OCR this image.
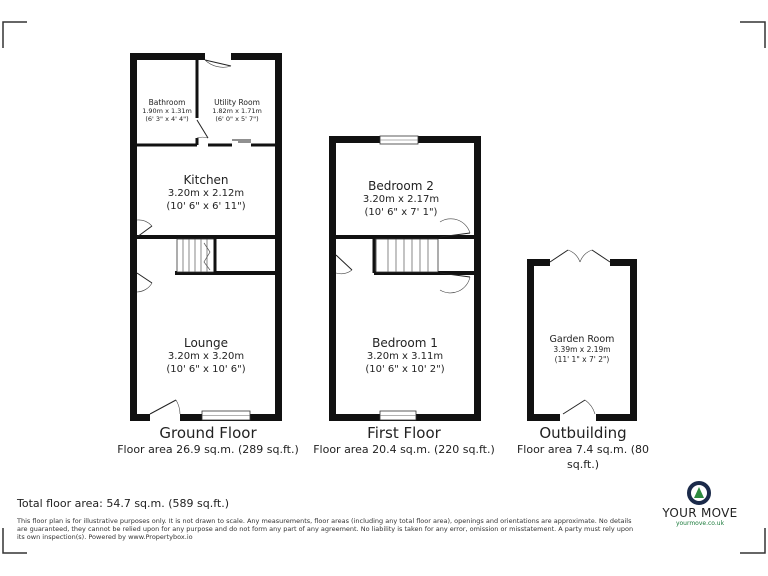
Bathroom
1.90m x 1.31m
(6' 3" x 4' 4")
Utility Room
1.82m x 1.71m
(6' 0" x 5' 7")
Kitchen
3.20m x 2.12m
(10' 6" x 6' 11")
Lounge
3.20m x 3.20m
(10' 6" x 10' 6")
Bedroom 2
3.20m x 2.17m
(10' 6" x 7' 1")
Bedroom 1
3.20m x 3.11m
(10' 6" x 10' 2")
Garden Room
3.39m x 2.19m
(11' 1" x 7' 2")
Ground Floor
Floor area 26.9 sq.m. (289 sq.ft.)
First Floor
Floor area 20.4 sq.m. (220 sq.ft.)
Outbuilding
Floor area 7.4 sq.m. (80
sq.ft.)
Total floor area: 54.7 sq.m. (589 sq.ft.)
This floor plan is for illustrative purposes only. It is not drawn to scale. Any measurements, floor areas (including any total floor area), openings and orientations are approximate. No details are guaranteed, they cannot be relied upon for any purpose and do not form any part of any agreement. No liability is taken for any error, omission or misstatement. A party must rely upon its own inspection(s). Powered by www.Propertybox.io
YOUR MOVE
yourmove.co.uk
